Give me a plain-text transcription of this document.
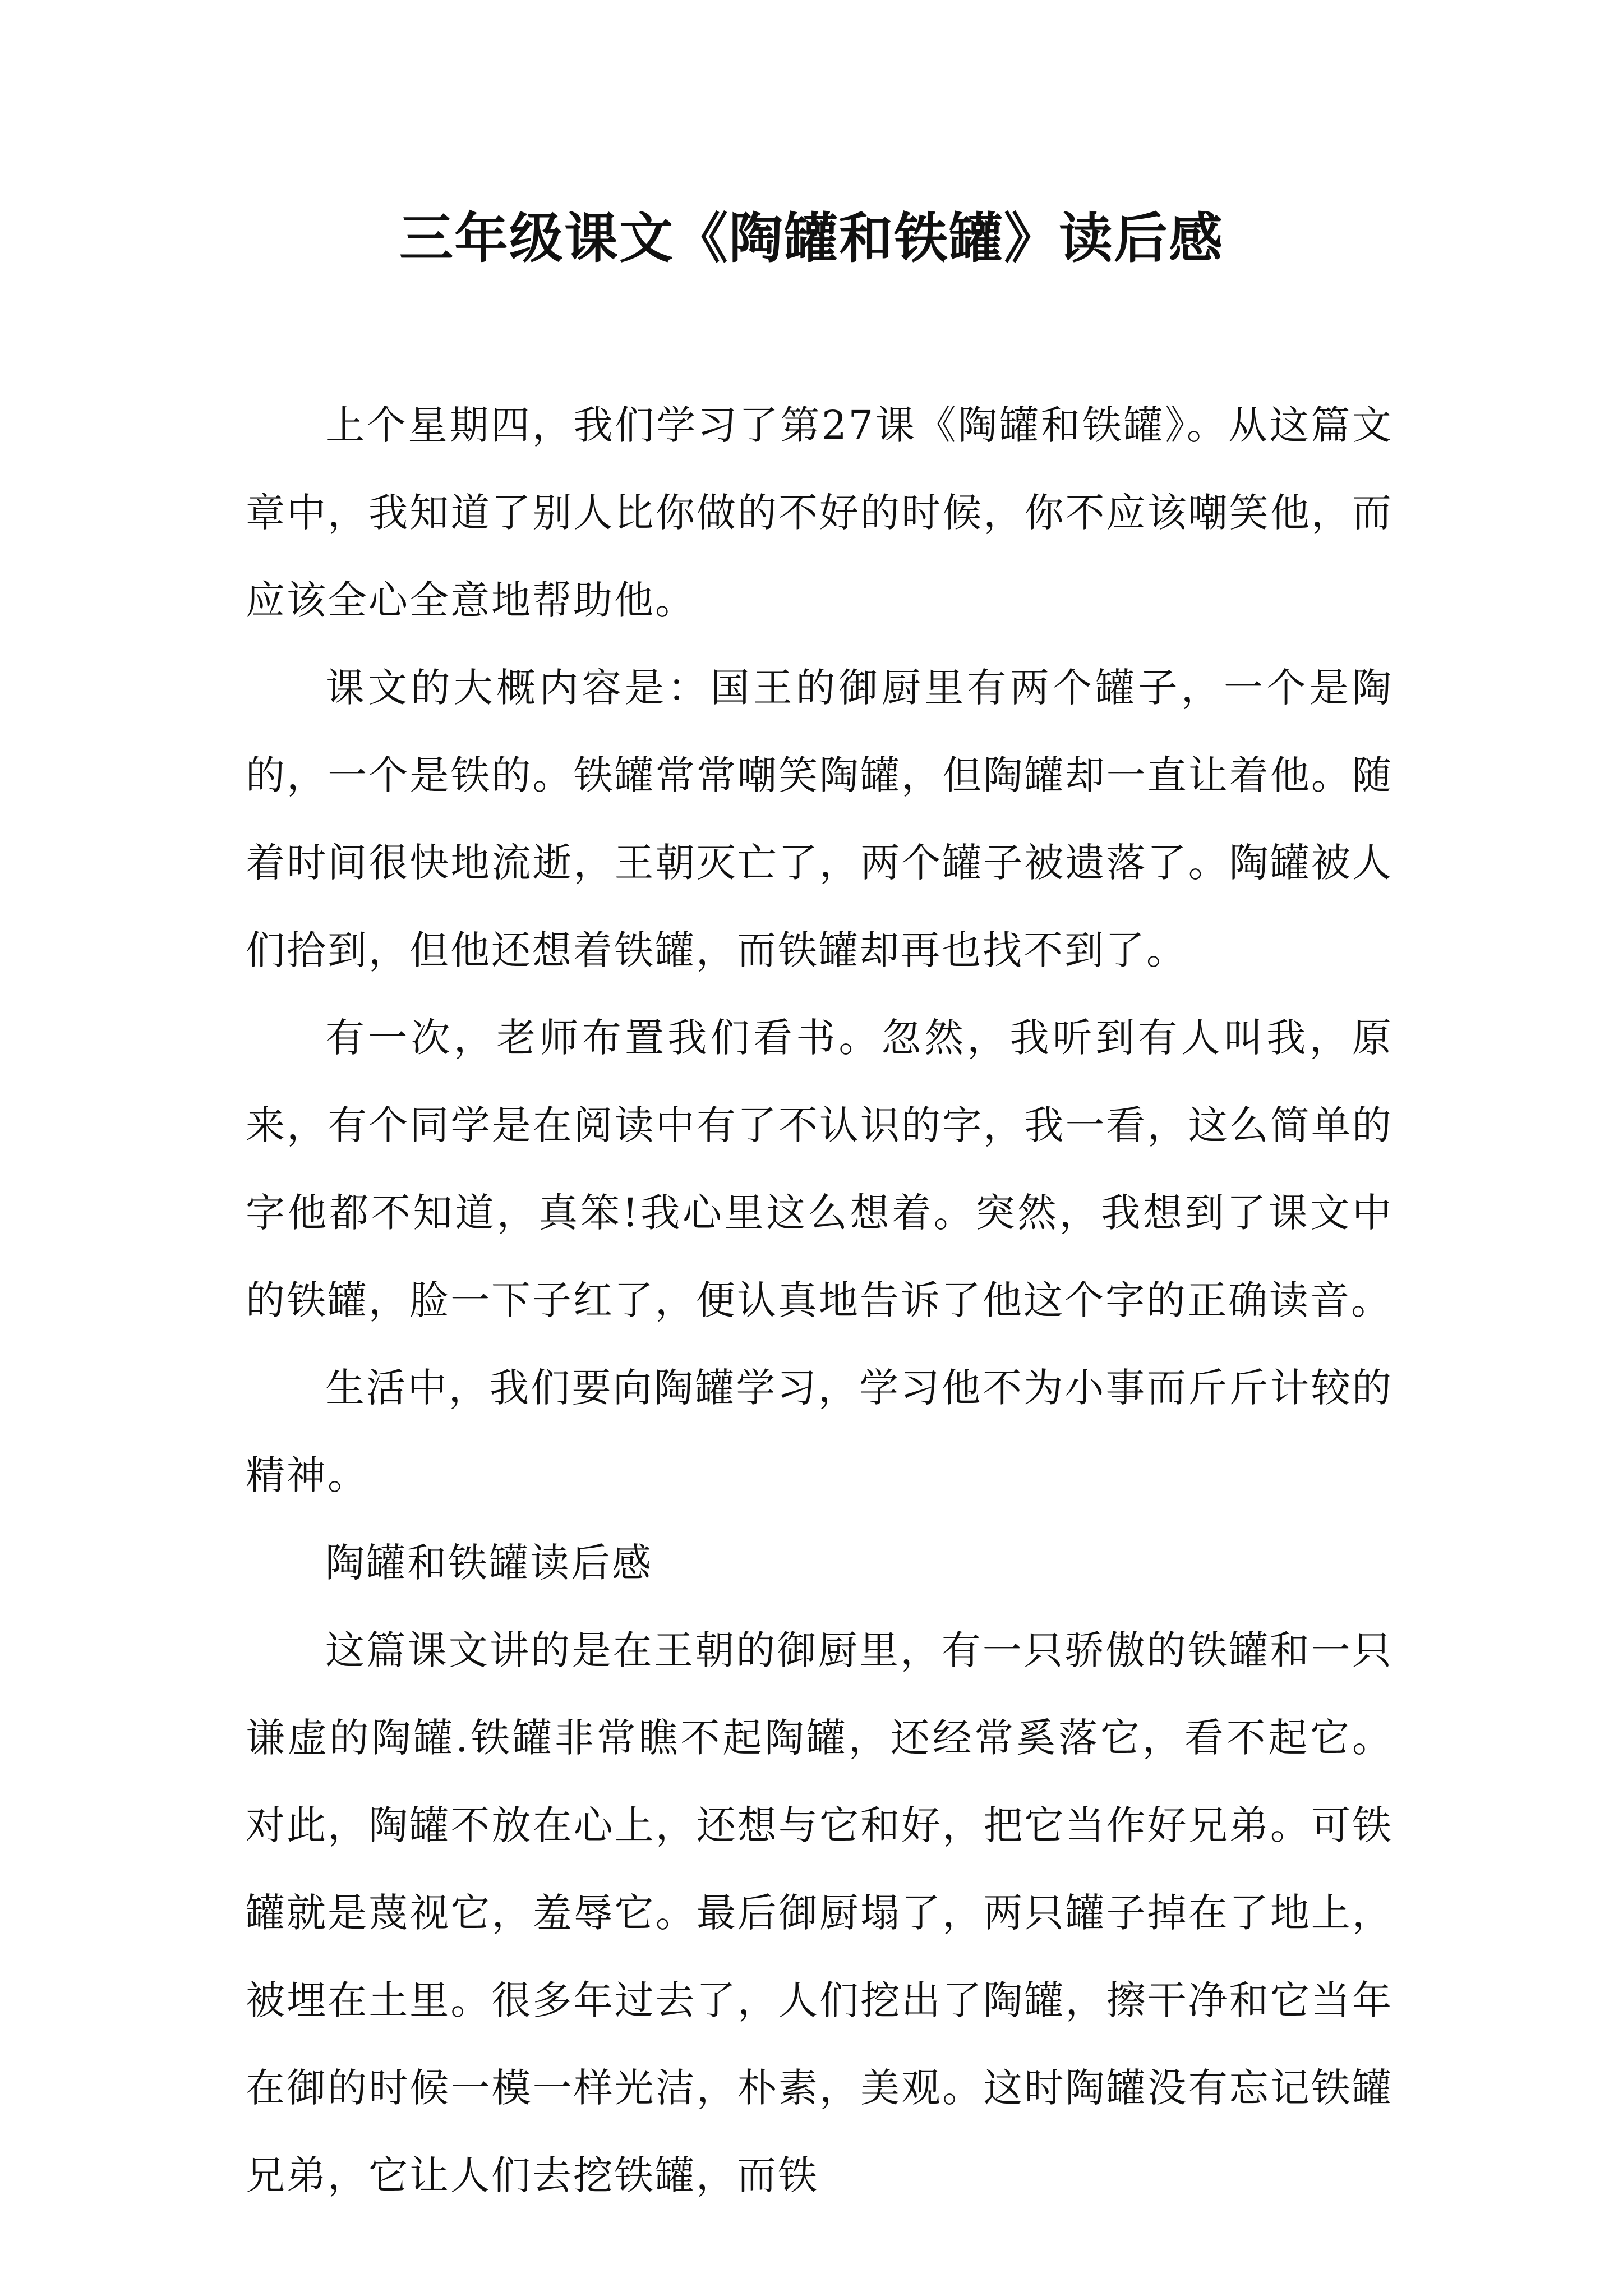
三年级课文《陶罐和铁罐》读后感

上个星期四，我们学习了第27课《陶罐和铁罐》。从这篇文章中，我知道了别人比你做的不好的时候，你不应该嘲笑他，而应该全心全意地帮助他。

课文的大概内容是：国王的御厨里有两个罐子，一个是陶的，一个是铁的。铁罐常常嘲笑陶罐，但陶罐却一直让着他。随着时间很快地流逝，王朝灭亡了，两个罐子被遗落了。陶罐被人们拾到，但他还想着铁罐，而铁罐却再也找不到了。

有一次，老师布置我们看书。忽然，我听到有人叫我，原来，有个同学是在阅读中有了不认识的字，我一看，这么简单的字他都不知道，真笨!我心里这么想着。突然，我想到了课文中的铁罐，脸一下子红了，便认真地告诉了他这个字的正确读音。

生活中，我们要向陶罐学习，学习他不为小事而斤斤计较的精神。

陶罐和铁罐读后感

这篇课文讲的是在王朝的御厨里，有一只骄傲的铁罐和一只谦虚的陶罐.铁罐非常瞧不起陶罐，还经常奚落它，看不起它。对此，陶罐不放在心上，还想与它和好，把它当作好兄弟。可铁罐就是蔑视它，羞辱它。最后御厨塌了，两只罐子掉在了地上，被埋在土里。很多年过去了，人们挖出了陶罐，擦干净和它当年在御的时候一模一样光洁，朴素，美观。这时陶罐没有忘记铁罐兄弟，它让人们去挖铁罐，而铁
